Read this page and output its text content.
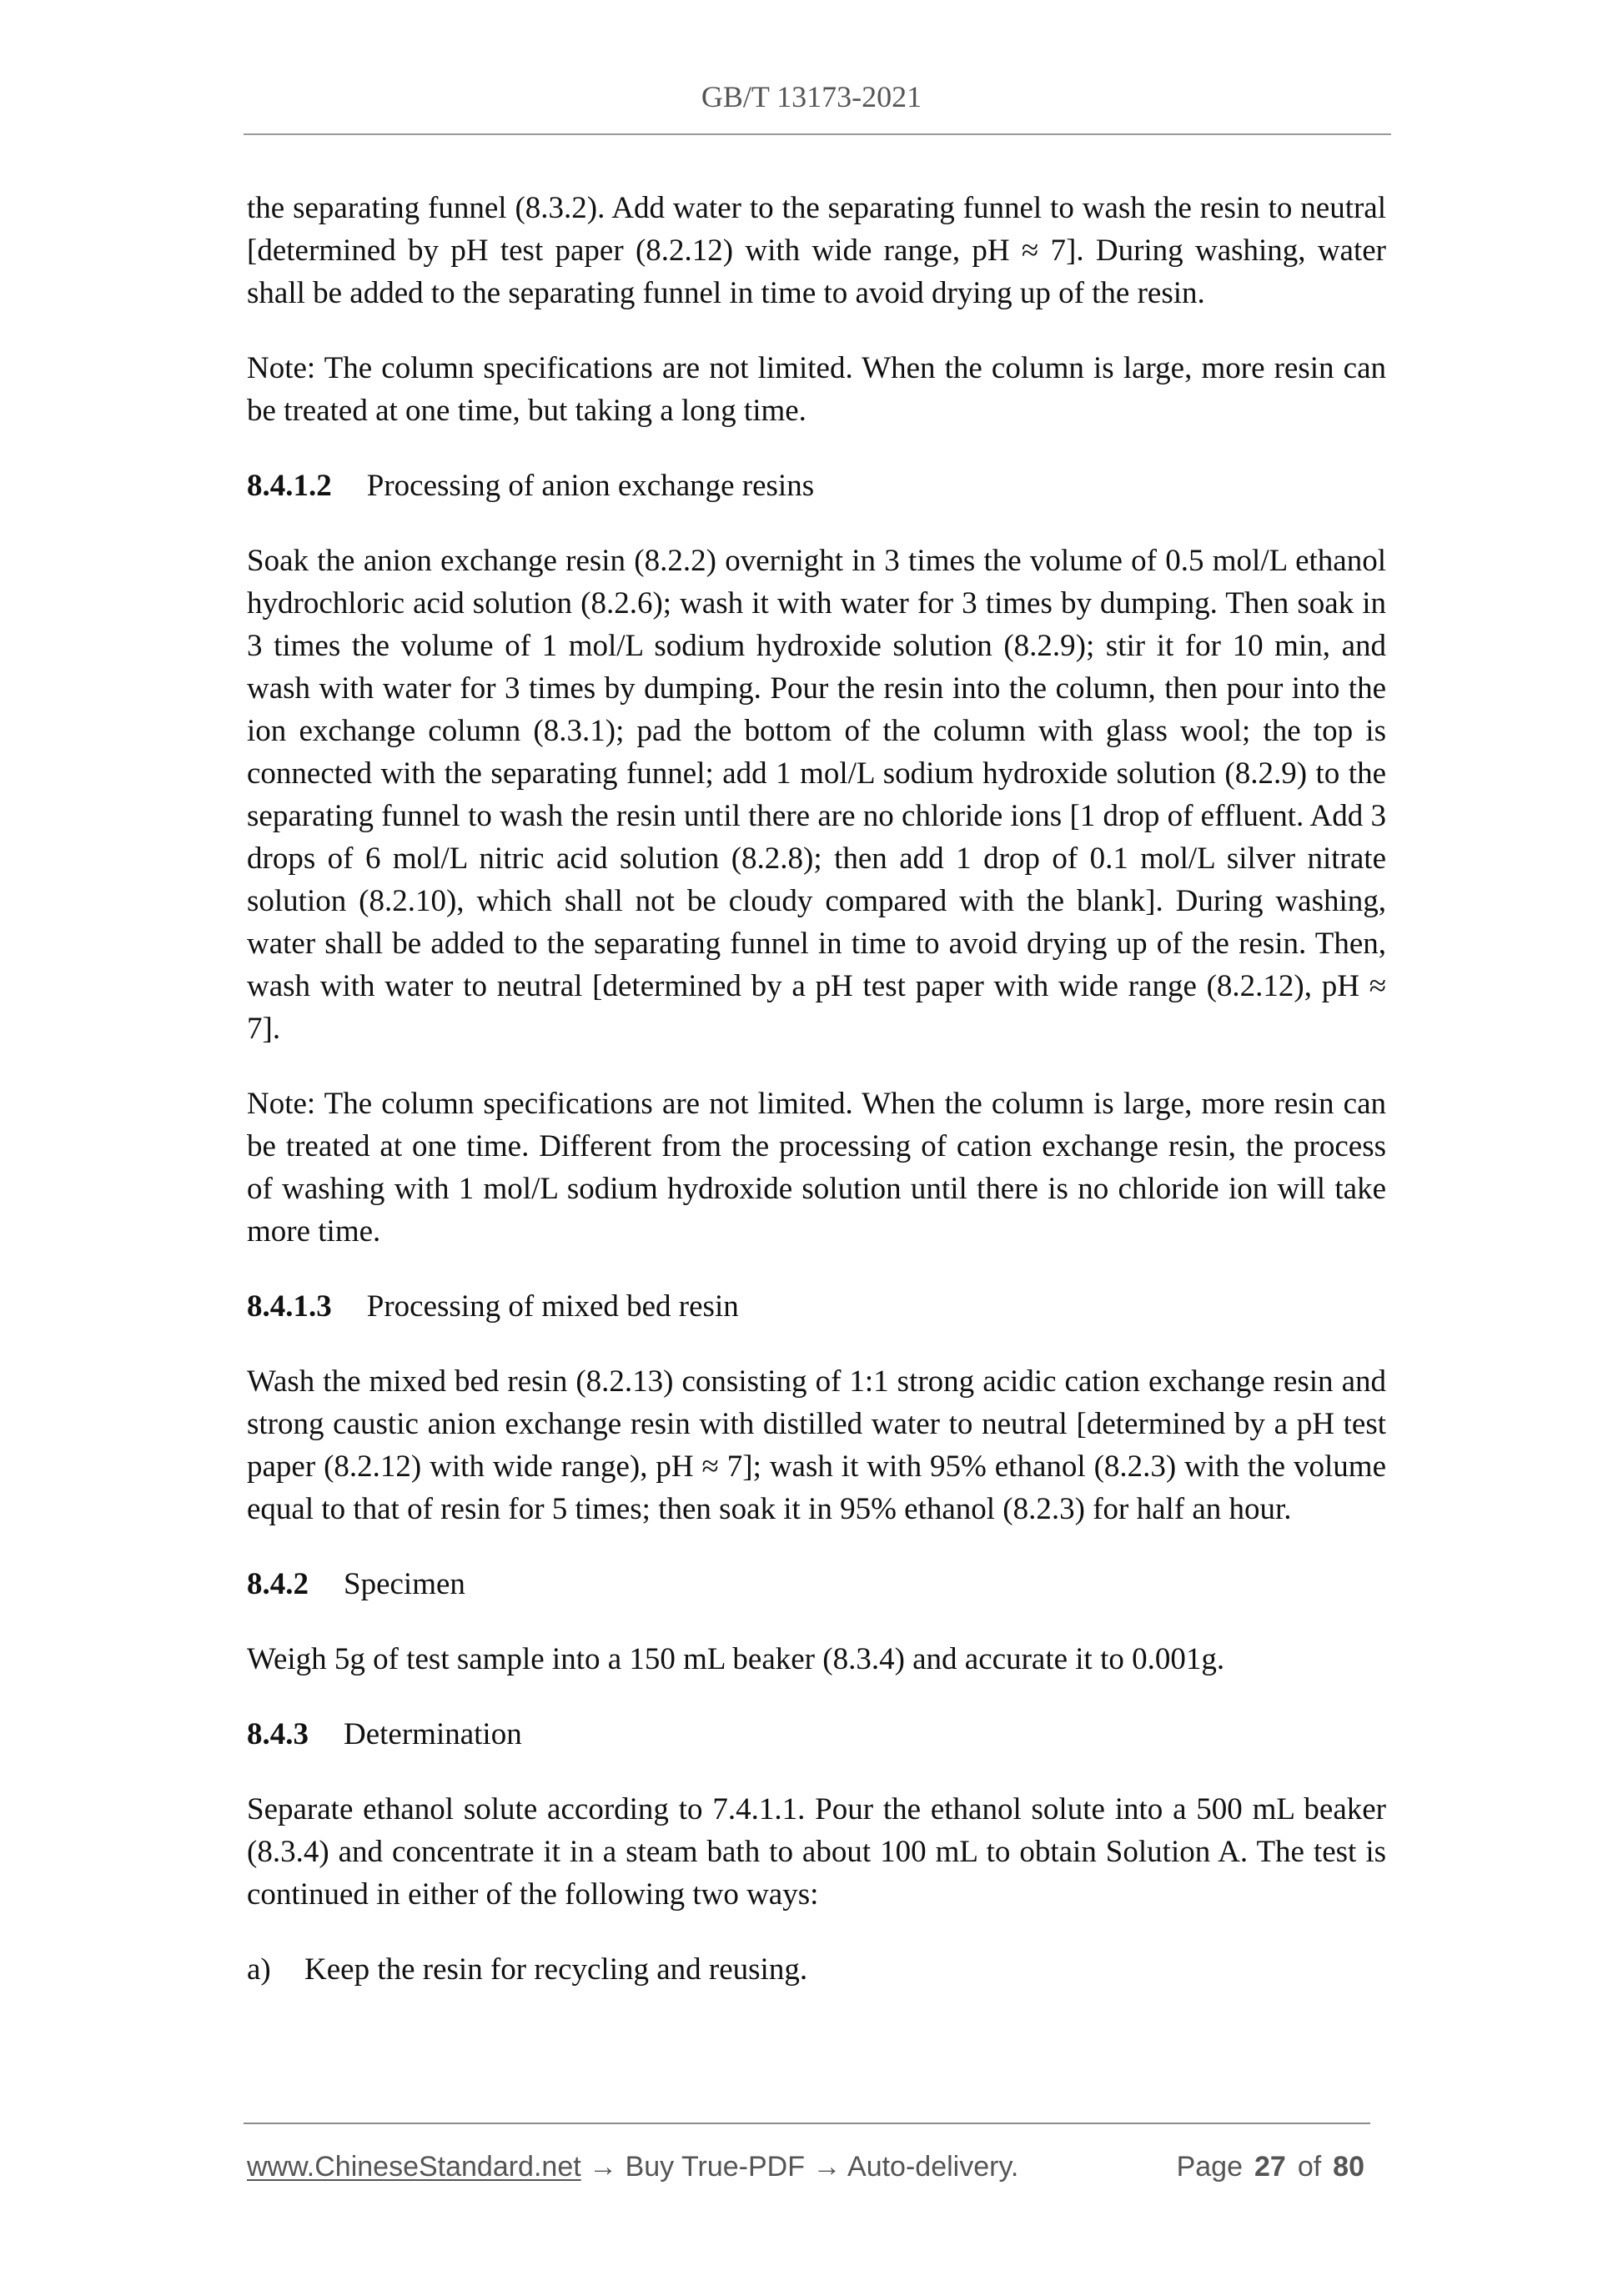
GB/T 13173-2021

the separating funnel (8.3.2). Add water to the separating funnel to wash the resin to neutral [determined by pH test paper (8.2.12) with wide range, pH ≈ 7]. During washing, water shall be added to the separating funnel in time to avoid drying up of the resin.

Note: The column specifications are not limited. When the column is large, more resin can be treated at one time, but taking a long time.

8.4.1.2 Processing of anion exchange resins

Soak the anion exchange resin (8.2.2) overnight in 3 times the volume of 0.5 mol/L ethanol hydrochloric acid solution (8.2.6); wash it with water for 3 times by dumping. Then soak in 3 times the volume of 1 mol/L sodium hydroxide solution (8.2.9); stir it for 10 min, and wash with water for 3 times by dumping. Pour the resin into the column, then pour into the ion exchange column (8.3.1); pad the bottom of the column with glass wool; the top is connected with the separating funnel; add 1 mol/L sodium hydroxide solution (8.2.9) to the separating funnel to wash the resin until there are no chloride ions [1 drop of effluent. Add 3 drops of 6 mol/L nitric acid solution (8.2.8); then add 1 drop of 0.1 mol/L silver nitrate solution (8.2.10), which shall not be cloudy compared with the blank]. During washing, water shall be added to the separating funnel in time to avoid drying up of the resin. Then, wash with water to neutral [determined by a pH test paper with wide range (8.2.12), pH ≈ 7].

Note: The column specifications are not limited. When the column is large, more resin can be treated at one time. Different from the processing of cation exchange resin, the process of washing with 1 mol/L sodium hydroxide solution until there is no chloride ion will take more time.

8.4.1.3 Processing of mixed bed resin

Wash the mixed bed resin (8.2.13) consisting of 1:1 strong acidic cation exchange resin and strong caustic anion exchange resin with distilled water to neutral [determined by a pH test paper (8.2.12) with wide range), pH ≈ 7]; wash it with 95% ethanol (8.2.3) with the volume equal to that of resin for 5 times; then soak it in 95% ethanol (8.2.3) for half an hour.

8.4.2 Specimen

Weigh 5g of test sample into a 150 mL beaker (8.3.4) and accurate it to 0.001g.

8.4.3 Determination

Separate ethanol solute according to 7.4.1.1. Pour the ethanol solute into a 500 mL beaker (8.3.4) and concentrate it in a steam bath to about 100 mL to obtain Solution A. The test is continued in either of the following two ways:

a)	Keep the resin for recycling and reusing.
www.ChineseStandard.net → Buy True-PDF → Auto-delivery.	Page 27 of 80
